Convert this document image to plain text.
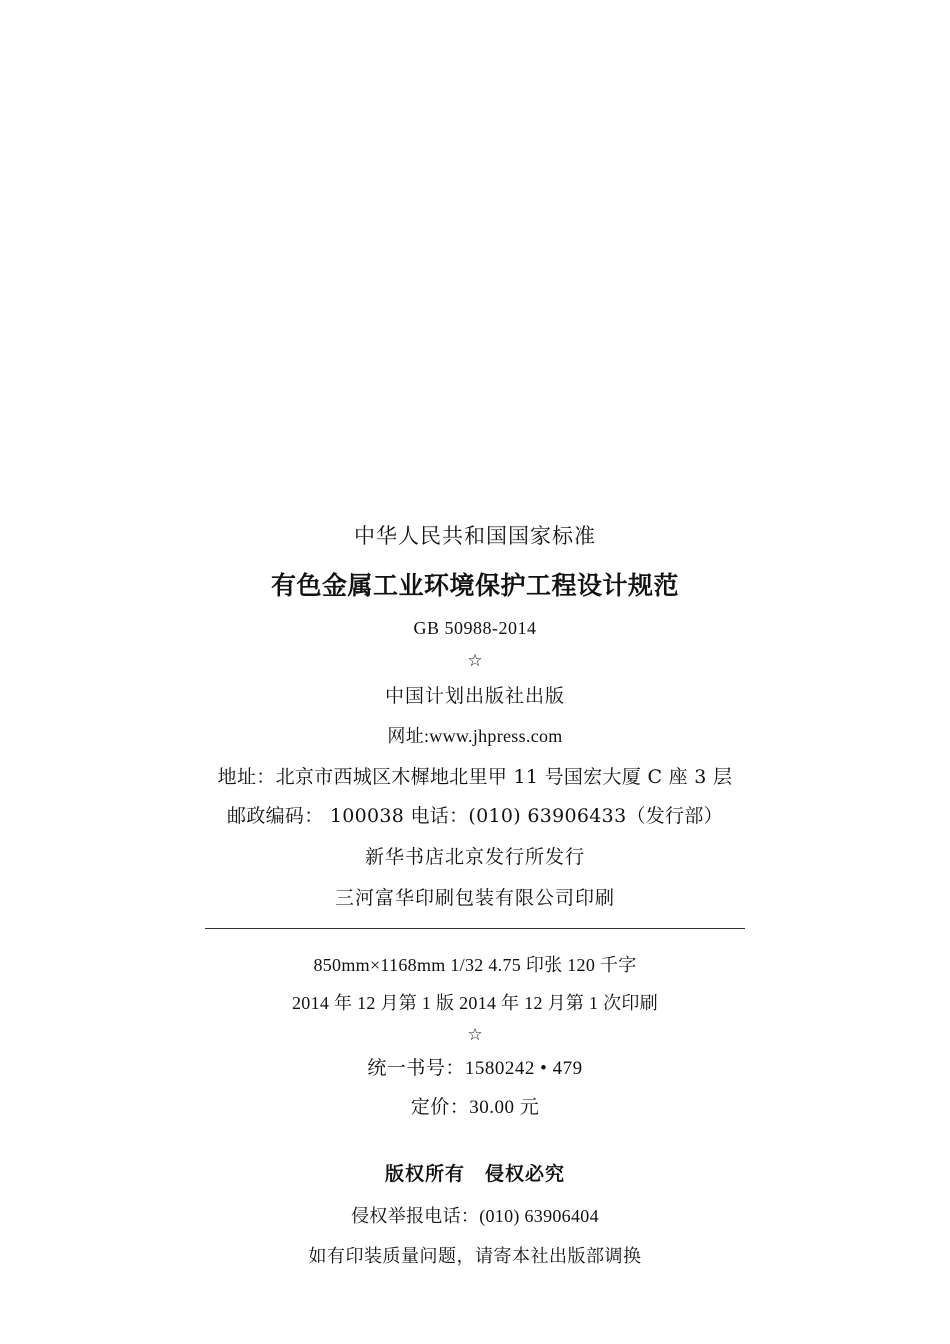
中华人民共和国国家标准
有色金属工业环境保护工程设计规范
GB 50988-2014
☆
中国计划出版社出版
网址:www.jhpress.com
地址：北京市西城区木樨地北里甲 11 号国宏大厦 C 座 3 层
邮政编码： 100038 电话：(010) 63906433（发行部）
新华书店北京发行所发行
三河富华印刷包装有限公司印刷
850mm×1168mm 1/32 4.75 印张 120 千字
2014 年 12 月第 1 版 2014 年 12 月第 1 次印刷
☆
统一书号：1580242 • 479
定价：30.00 元
版权所有　侵权必究
侵权举报电话：(010) 63906404
如有印装质量问题，请寄本社出版部调换
